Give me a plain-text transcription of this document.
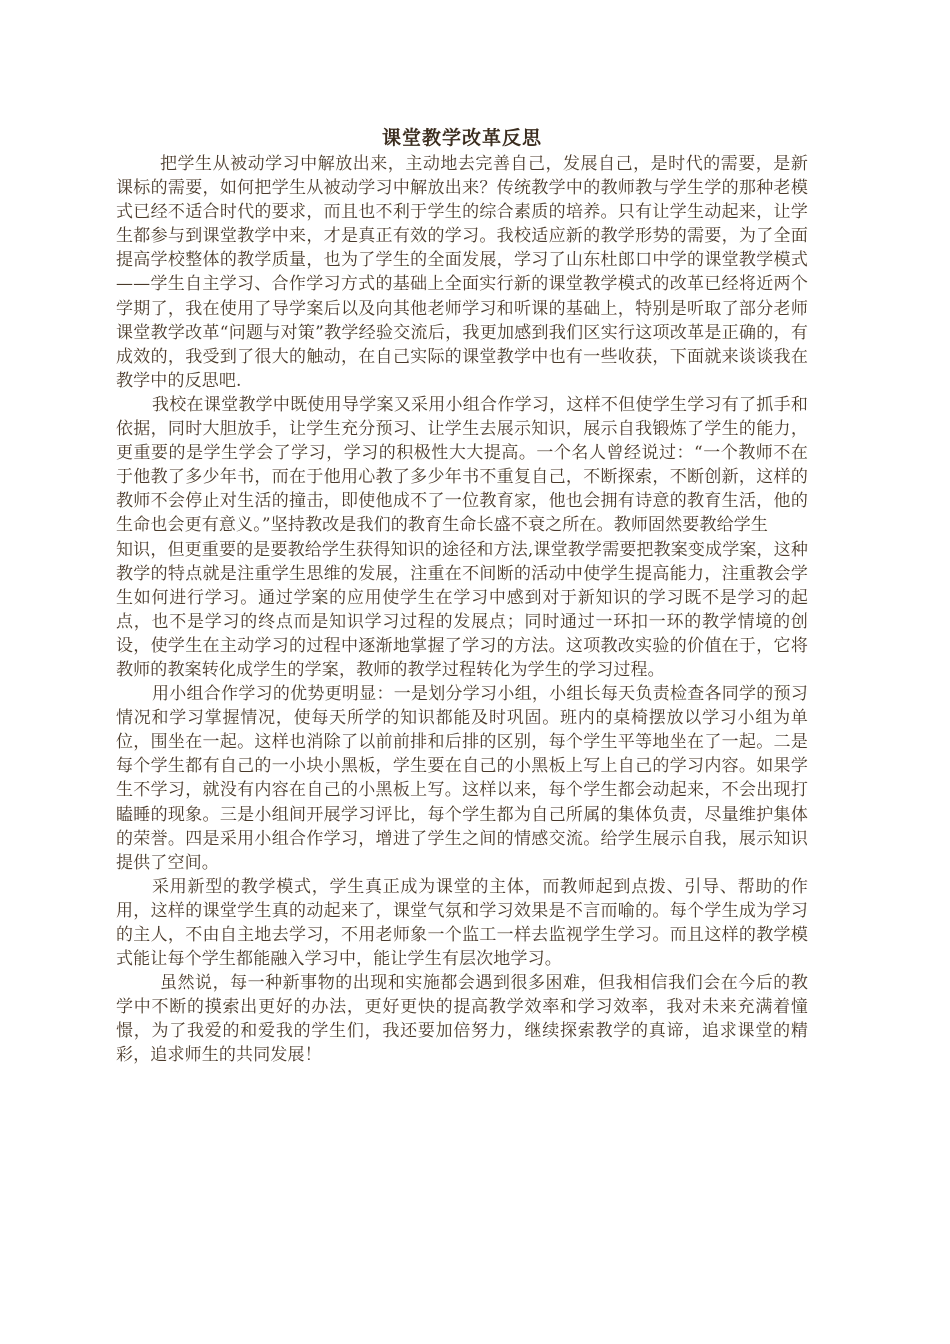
课堂教学改革反思

把学生从被动学习中解放出来，主动地去完善自己，发展自己，是时代的需要，是新课标的需要，如何把学生从被动学习中解放出来？传统教学中的教师教与学生学的那种老模式已经不适合时代的要求，而且也不利于学生的综合素质的培养。只有让学生动起来，让学生都参与到课堂教学中来，才是真正有效的学习。我校适应新的教学形势的需要，为了全面提高学校整体的教学质量，也为了学生的全面发展，学习了山东杜郎口中学的课堂教学模式——学生自主学习、合作学习方式的基础上全面实行新的课堂教学模式的改革已经将近两个学期了，我在使用了导学案后以及向其他老师学习和听课的基础上，特别是听取了部分老师课堂教学改革“问题与对策”教学经验交流后，我更加感到我们区实行这项改革是正确的，有成效的，我受到了很大的触动，在自己实际的课堂教学中也有一些收获，下面就来谈谈我在教学中的反思吧.

我校在课堂教学中既使用导学案又采用小组合作学习，这样不但使学生学习有了抓手和依据，同时大胆放手，让学生充分预习、让学生去展示知识，展示自我锻炼了学生的能力，更重要的是学生学会了学习，学习的积极性大大提高。一个名人曾经说过：“一个教师不在于他教了多少年书，而在于他用心教了多少年书不重复自己，不断探索，不断创新，这样的教师不会停止对生活的撞击，即使他成不了一位教育家，他也会拥有诗意的教育生活，他的生命也会更有意义。”坚持教改是我们的教育生命长盛不衰之所在。教师固然要教给学生

知识，但更重要的是要教给学生获得知识的途径和方法,课堂教学需要把教案变成学案，这种教学的特点就是注重学生思维的发展，注重在不间断的活动中使学生提高能力，注重教会学生如何进行学习。通过学案的应用使学生在学习中感到对于新知识的学习既不是学习的起点，也不是学习的终点而是知识学习过程的发展点；同时通过一环扣一环的教学情境的创设，使学生在主动学习的过程中逐渐地掌握了学习的方法。这项教改实验的价值在于，它将教师的教案转化成学生的学案，教师的教学过程转化为学生的学习过程。

用小组合作学习的优势更明显：一是划分学习小组，小组长每天负责检查各同学的预习情况和学习掌握情况，使每天所学的知识都能及时巩固。班内的桌椅摆放以学习小组为单位，围坐在一起。这样也消除了以前前排和后排的区别，每个学生平等地坐在了一起。二是每个学生都有自己的一小块小黑板，学生要在自己的小黑板上写上自己的学习内容。如果学生不学习，就没有内容在自己的小黑板上写。这样以来，每个学生都会动起来，不会出现打瞌睡的现象。三是小组间开展学习评比，每个学生都为自己所属的集体负责，尽量维护集体的荣誉。四是采用小组合作学习，增进了学生之间的情感交流。给学生展示自我，展示知识提供了空间。

采用新型的教学模式，学生真正成为课堂的主体，而教师起到点拨、引导、帮助的作用，这样的课堂学生真的动起来了，课堂气氛和学习效果是不言而喻的。每个学生成为学习的主人，不由自主地去学习，不用老师象一个监工一样去监视学生学习。而且这样的教学模式能让每个学生都能融入学习中，能让学生有层次地学习。

虽然说，每一种新事物的出现和实施都会遇到很多困难，但我相信我们会在今后的教学中不断的摸索出更好的办法，更好更快的提高教学效率和学习效率，我对未来充满着憧憬，为了我爱的和爱我的学生们，我还要加倍努力，继续探索教学的真谛，追求课堂的精彩，追求师生的共同发展！
